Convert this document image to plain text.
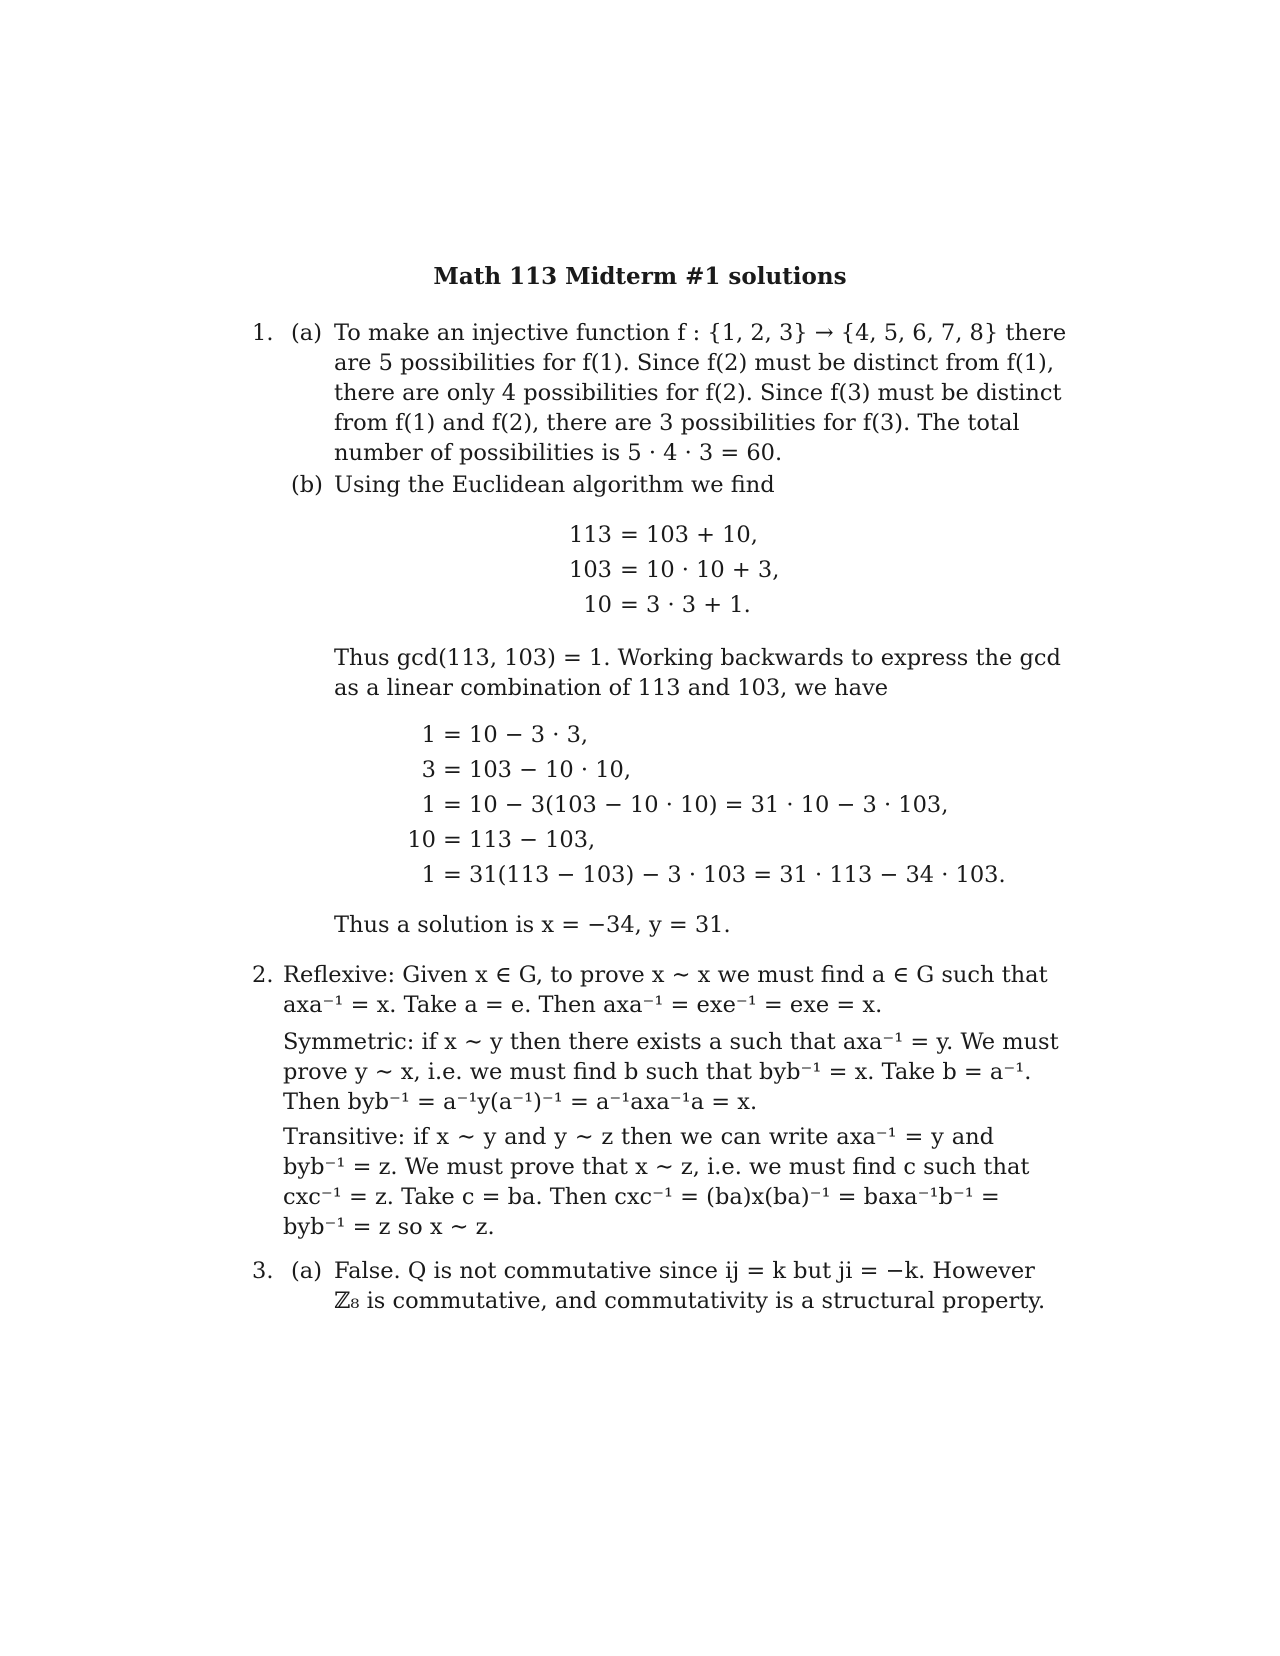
Math 113 Midterm #1 solutions
1. (a) To make an injective function f : {1, 2, 3} → {4, 5, 6, 7, 8} there
are 5 possibilities for f(1). Since f(2) must be distinct from f(1),
there are only 4 possibilities for f(2). Since f(3) must be distinct
from f(1) and f(2), there are 3 possibilities for f(3). The total
number of possibilities is 5 · 4 · 3 = 60.
(b) Using the Euclidean algorithm we find
113 = 103 + 10,
103 = 10 · 10 + 3,
10 = 3 · 3 + 1.
Thus gcd(113, 103) = 1. Working backwards to express the gcd
as a linear combination of 113 and 103, we have
1 = 10 − 3 · 3,
3 = 103 − 10 · 10,
1 = 10 − 3(103 − 10 · 10) = 31 · 10 − 3 · 103,
10 = 113 − 103,
1 = 31(113 − 103) − 3 · 103 = 31 · 113 − 34 · 103.
Thus a solution is x = −34, y = 31.
2. Reflexive: Given x ∈ G, to prove x ∼ x we must find a ∈ G such that
axa⁻¹ = x. Take a = e. Then axa⁻¹ = exe⁻¹ = exe = x.
Symmetric: if x ∼ y then there exists a such that axa⁻¹ = y. We must
prove y ∼ x, i.e. we must find b such that byb⁻¹ = x. Take b = a⁻¹.
Then byb⁻¹ = a⁻¹y(a⁻¹)⁻¹ = a⁻¹axa⁻¹a = x.
Transitive: if x ∼ y and y ∼ z then we can write axa⁻¹ = y and
byb⁻¹ = z. We must prove that x ∼ z, i.e. we must find c such that
cxc⁻¹ = z. Take c = ba. Then cxc⁻¹ = (ba)x(ba)⁻¹ = baxa⁻¹b⁻¹ =
byb⁻¹ = z so x ∼ z.
3. (a) False. Q is not commutative since ij = k but ji = −k. However
ℤ₈ is commutative, and commutativity is a structural property.
